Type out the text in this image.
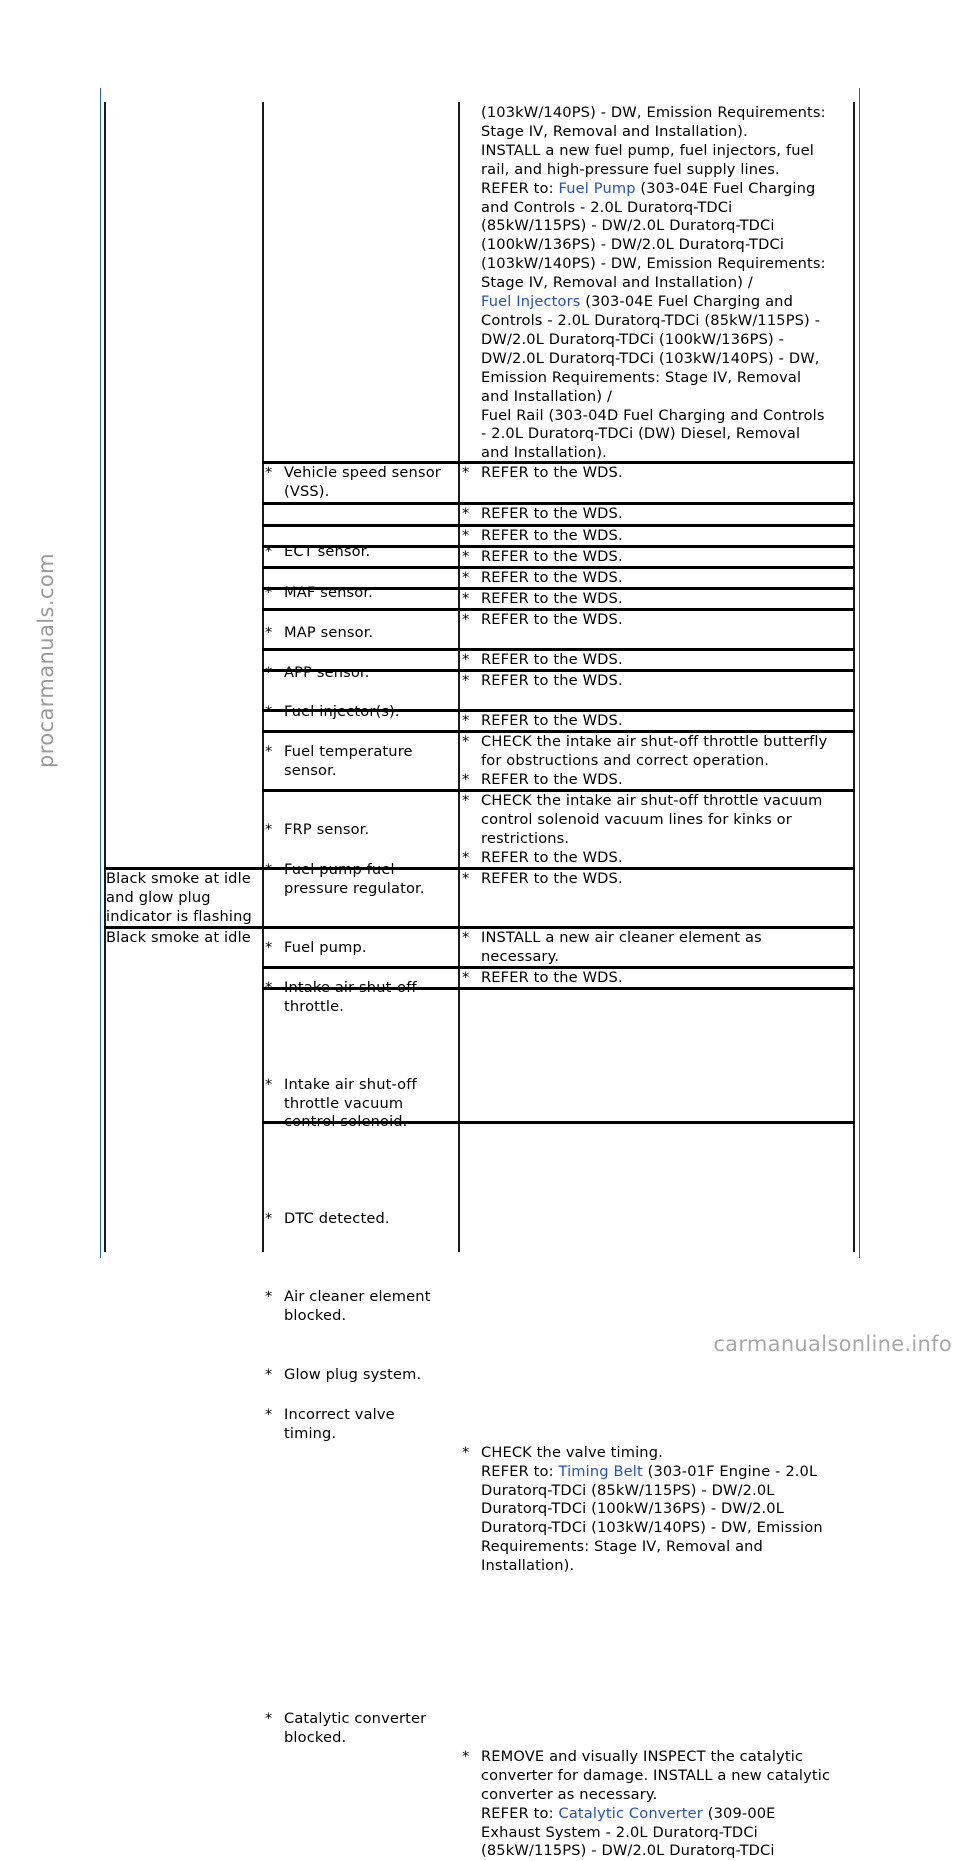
(103kW/140PS) - DW, Emission Requirements:
Stage IV, Removal and Installation).
INSTALL a new fuel pump, fuel injectors, fuel
rail, and high-pressure fuel supply lines.
REFER to: Fuel Pump (303-04E Fuel Charging
and Controls - 2.0L Duratorq-TDCi
(85kW/115PS) - DW/2.0L Duratorq-TDCi
(100kW/136PS) - DW/2.0L Duratorq-TDCi
(103kW/140PS) - DW, Emission Requirements:
Stage IV, Removal and Installation) /
Fuel Injectors (303-04E Fuel Charging and
Controls - 2.0L Duratorq-TDCi (85kW/115PS) -
DW/2.0L Duratorq-TDCi (100kW/136PS) -
DW/2.0L Duratorq-TDCi (103kW/140PS) - DW,
Emission Requirements: Stage IV, Removal
and Installation) /
Fuel Rail (303-04D Fuel Charging and Controls
- 2.0L Duratorq-TDCi (DW) Diesel, Removal
and Installation).
* Vehicle speed sensor
(VSS).
* REFER to the WDS.
* ECT sensor.
* REFER to the WDS.
* MAF sensor.
* REFER to the WDS.
* MAP sensor.
* REFER to the WDS.
* APP sensor.
* REFER to the WDS.
* Fuel injector(s).
* REFER to the WDS.
* Fuel temperature
sensor.
* REFER to the WDS.
* FRP sensor.
* REFER to the WDS.
* Fuel pump fuel
pressure regulator.
* REFER to the WDS.
* Fuel pump.
* REFER to the WDS.
* Intake air shut-off
throttle.
* CHECK the intake air shut-off throttle butterfly
for obstructions and correct operation.
* REFER to the WDS.
* Intake air shut-off
throttle vacuum
control solenoid.
* CHECK the intake air shut-off throttle vacuum
control solenoid vacuum lines for kinks or
restrictions.
* REFER to the WDS.
Black smoke at idle
and glow plug
indicator is flashing
* DTC detected.
* REFER to the WDS.
Black smoke at idle
* Air cleaner element
blocked.
* INSTALL a new air cleaner element as
necessary.
* Glow plug system.
* REFER to the WDS.
* Incorrect valve
timing.
* CHECK the valve timing.
REFER to: Timing Belt (303-01F Engine - 2.0L
Duratorq-TDCi (85kW/115PS) - DW/2.0L
Duratorq-TDCi (100kW/136PS) - DW/2.0L
Duratorq-TDCi (103kW/140PS) - DW, Emission
Requirements: Stage IV, Removal and
Installation).
* Catalytic converter
blocked.
* REMOVE and visually INSPECT the catalytic
converter for damage. INSTALL a new catalytic
converter as necessary.
REFER to: Catalytic Converter (309-00E
Exhaust System - 2.0L Duratorq-TDCi
(85kW/115PS) - DW/2.0L Duratorq-TDCi
procarmanuals.com
carmanualsonline.info
